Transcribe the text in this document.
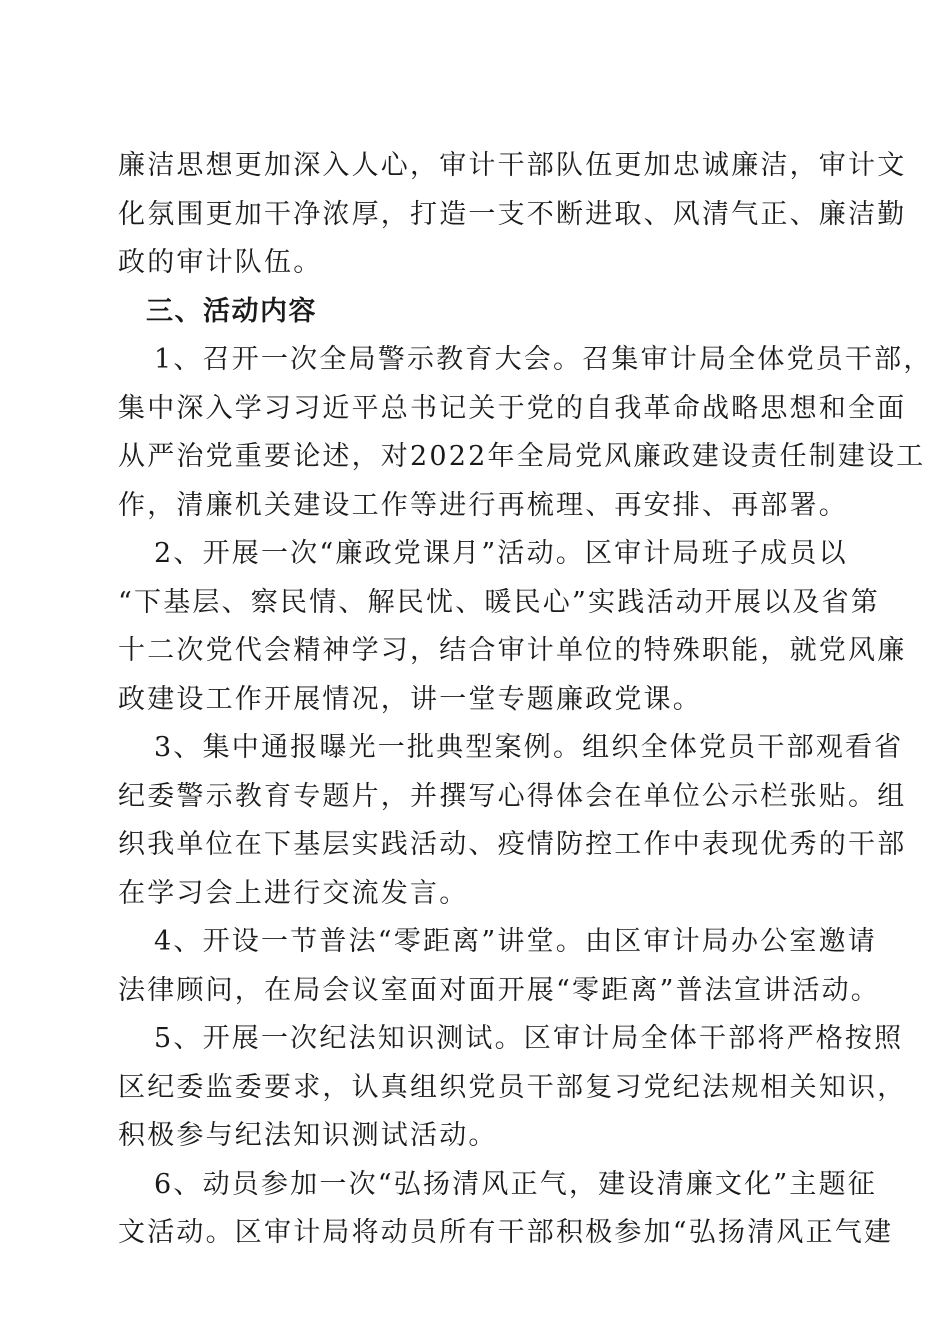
廉洁思想更加深入人心，审计干部队伍更加忠诚廉洁，审计文
化氛围更加干净浓厚，打造一支不断进取、风清气正、廉洁勤
政的审计队伍。
三、活动内容
1、召开一次全局警示教育大会。召集审计局全体党员干部，
集中深入学习习近平总书记关于党的自我革命战略思想和全面
从严治党重要论述，对2022年全局党风廉政建设责任制建设工
作，清廉机关建设工作等进行再梳理、再安排、再部署。
2、开展一次“廉政党课月”活动。区审计局班子成员以
“下基层、察民情、解民忧、暖民心”实践活动开展以及省第
十二次党代会精神学习，结合审计单位的特殊职能，就党风廉
政建设工作开展情况，讲一堂专题廉政党课。
3、集中通报曝光一批典型案例。组织全体党员干部观看省
纪委警示教育专题片，并撰写心得体会在单位公示栏张贴。组
织我单位在下基层实践活动、疫情防控工作中表现优秀的干部
在学习会上进行交流发言。
4、开设一节普法“零距离”讲堂。由区审计局办公室邀请
法律顾问，在局会议室面对面开展“零距离”普法宣讲活动。
5、开展一次纪法知识测试。区审计局全体干部将严格按照
区纪委监委要求，认真组织党员干部复习党纪法规相关知识，
积极参与纪法知识测试活动。
6、动员参加一次“弘扬清风正气，建设清廉文化”主题征
文活动。区审计局将动员所有干部积极参加“弘扬清风正气建
